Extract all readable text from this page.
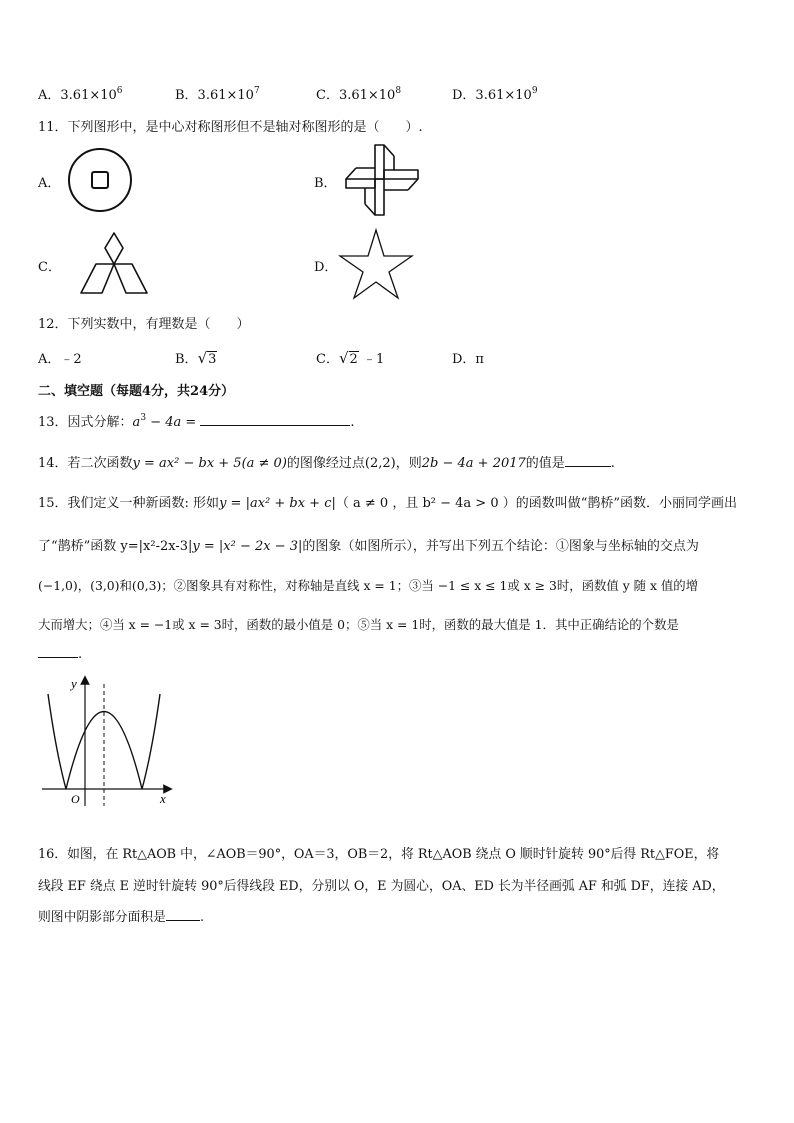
A．$3.61\times 10^6$	B．$3.61\times 10^7$	C．$3.61\times 10^8$	D．$3.61\times 10^9$
11．下列图形中，是中心对称图形但不是轴对称图形的是（　　）.
A．	B．
C．	D．
12．下列实数中，有理数是（　　）
A．﹣2	B．√3	C．√2 ﹣1	D．π
二、填空题（每题4分，共24分）
13．因式分解：$a^3 - 4a$ =	.
14．若二次函数y = ax² − bx + 5(a ≠ 0)的图像经过点(2,2)，则2b − 4a + 2017的值是	.
15．我们定义一种新函数: 形如y = |ax² + bx + c|（ a ≠ 0 ，且 b² − 4a > 0 ）的函数叫做“鹊桥”函数．小丽同学画出
了“鹊桥”函数 y=|x²-2x-3|y = |x² − 2x − 3|的图象（如图所示），并写出下列五个结论：①图象与坐标轴的交点为
(−1,0)，(3,0)和(0,3)；②图象具有对称性，对称轴是直线 x = 1；③当 −1 ≤ x ≤ 1或 x ≥ 3时，函数值 y 随 x 值的增
大而增大；④当 x = −1或 x = 3时，函数的最小值是 0；⑤当 x = 1时，函数的最大值是 1．其中正确结论的个数是
.
y
x
O
16．如图，在 Rt△AOB 中，∠AOB＝90°，OA＝3，OB＝2，将 Rt△AOB 绕点 O 顺时针旋转 90°后得 Rt△FOE，将
线段 EF 绕点 E 逆时针旋转 90°后得线段 ED，分别以 O，E 为圆心，OA、ED 长为半径画弧 AF 和弧 DF，连接 AD，
则图中阴影部分面积是	.
